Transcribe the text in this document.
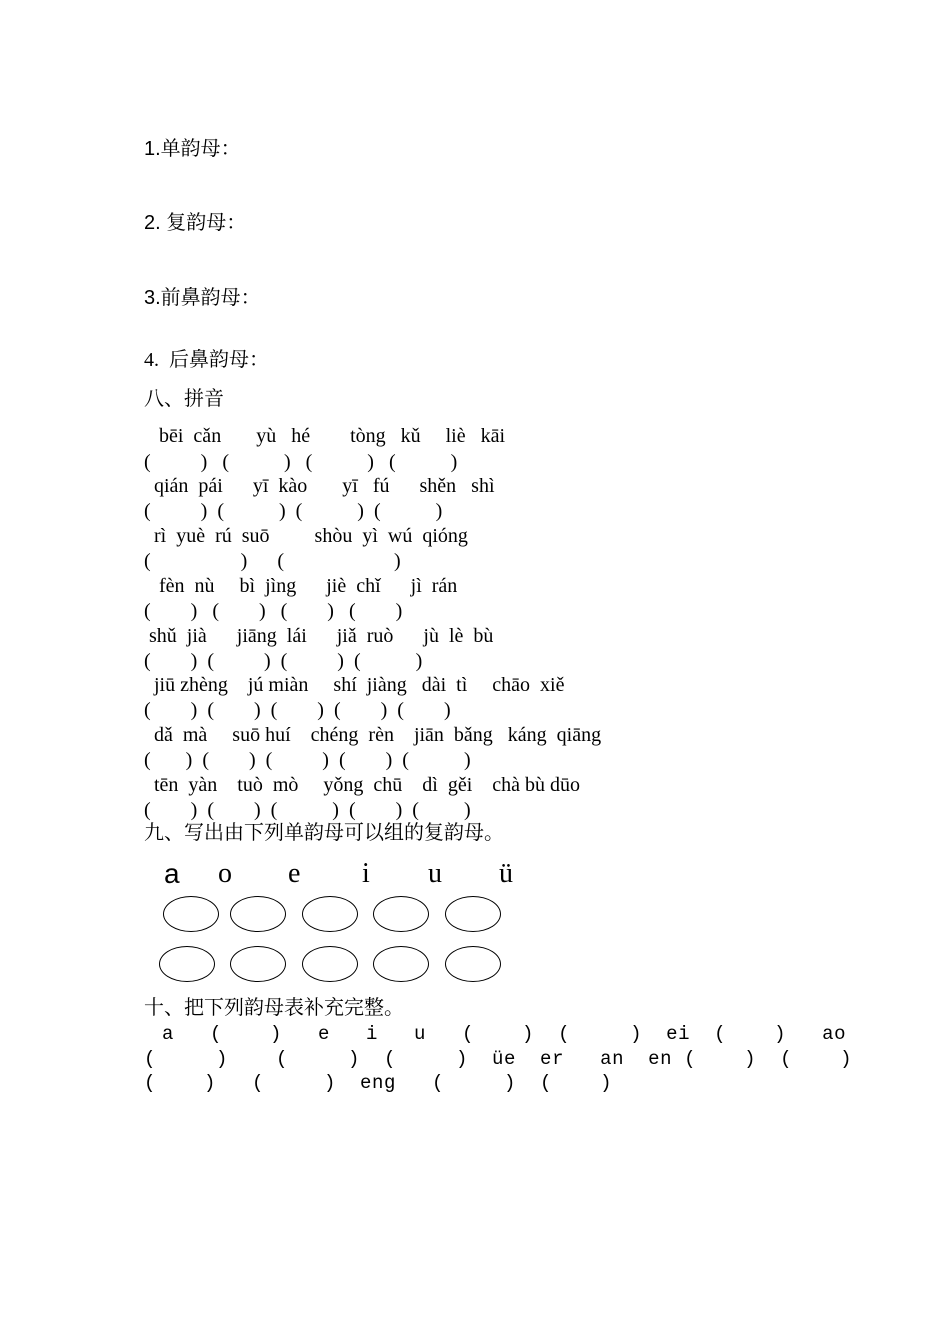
1.单韵母：
2. 复韵母：
3.前鼻韵母：
4.  后鼻韵母：
八、拼音
bēi  cǎn       yù   hé        tòng   kǔ     liè   kāi
(          )   (           )   (           )   (           )
qián  pái      yī  kào       yī   fú      shěn   shì
(          )  (           )  (           )  (           )
rì  yuè  rú  suō         shòu  yì  wú  qióng
(                  )      (                      )
fèn  nù     bì  jìng      jiè  chǐ      jì  rán
(        )   (        )   (        )   (        )
shǔ  jià      jiāng  lái      jiǎ  ruò      jù  lè  bù
(        )  (          )  (          )  (           )
jiū zhèng    jú miàn     shí  jiàng   dài  tì     chāo  xiě
(        )  (        )  (        )  (        )  (        )
dǎ  mà     suō huí    chéng  rèn    jiān  bǎng   káng  qiāng
(       )  (        )  (          )  (        )  (           )
tēn  yàn    tuò  mò     yǒng  chū    dì  gěi    chà bù dūo
(        )  (        )  (           )  (        )  (         )
九、写出由下列单韵母可以组的复韵母。
a o e i u ü
十、把下列韵母表补充完整。
a   (    )   e   i   u   (    )  (     )  ei  (    )   ao
(     )    (     )  (     )  üe  er   an  en (    )  (    )
(    )   (     )  eng   (     )  (    )
